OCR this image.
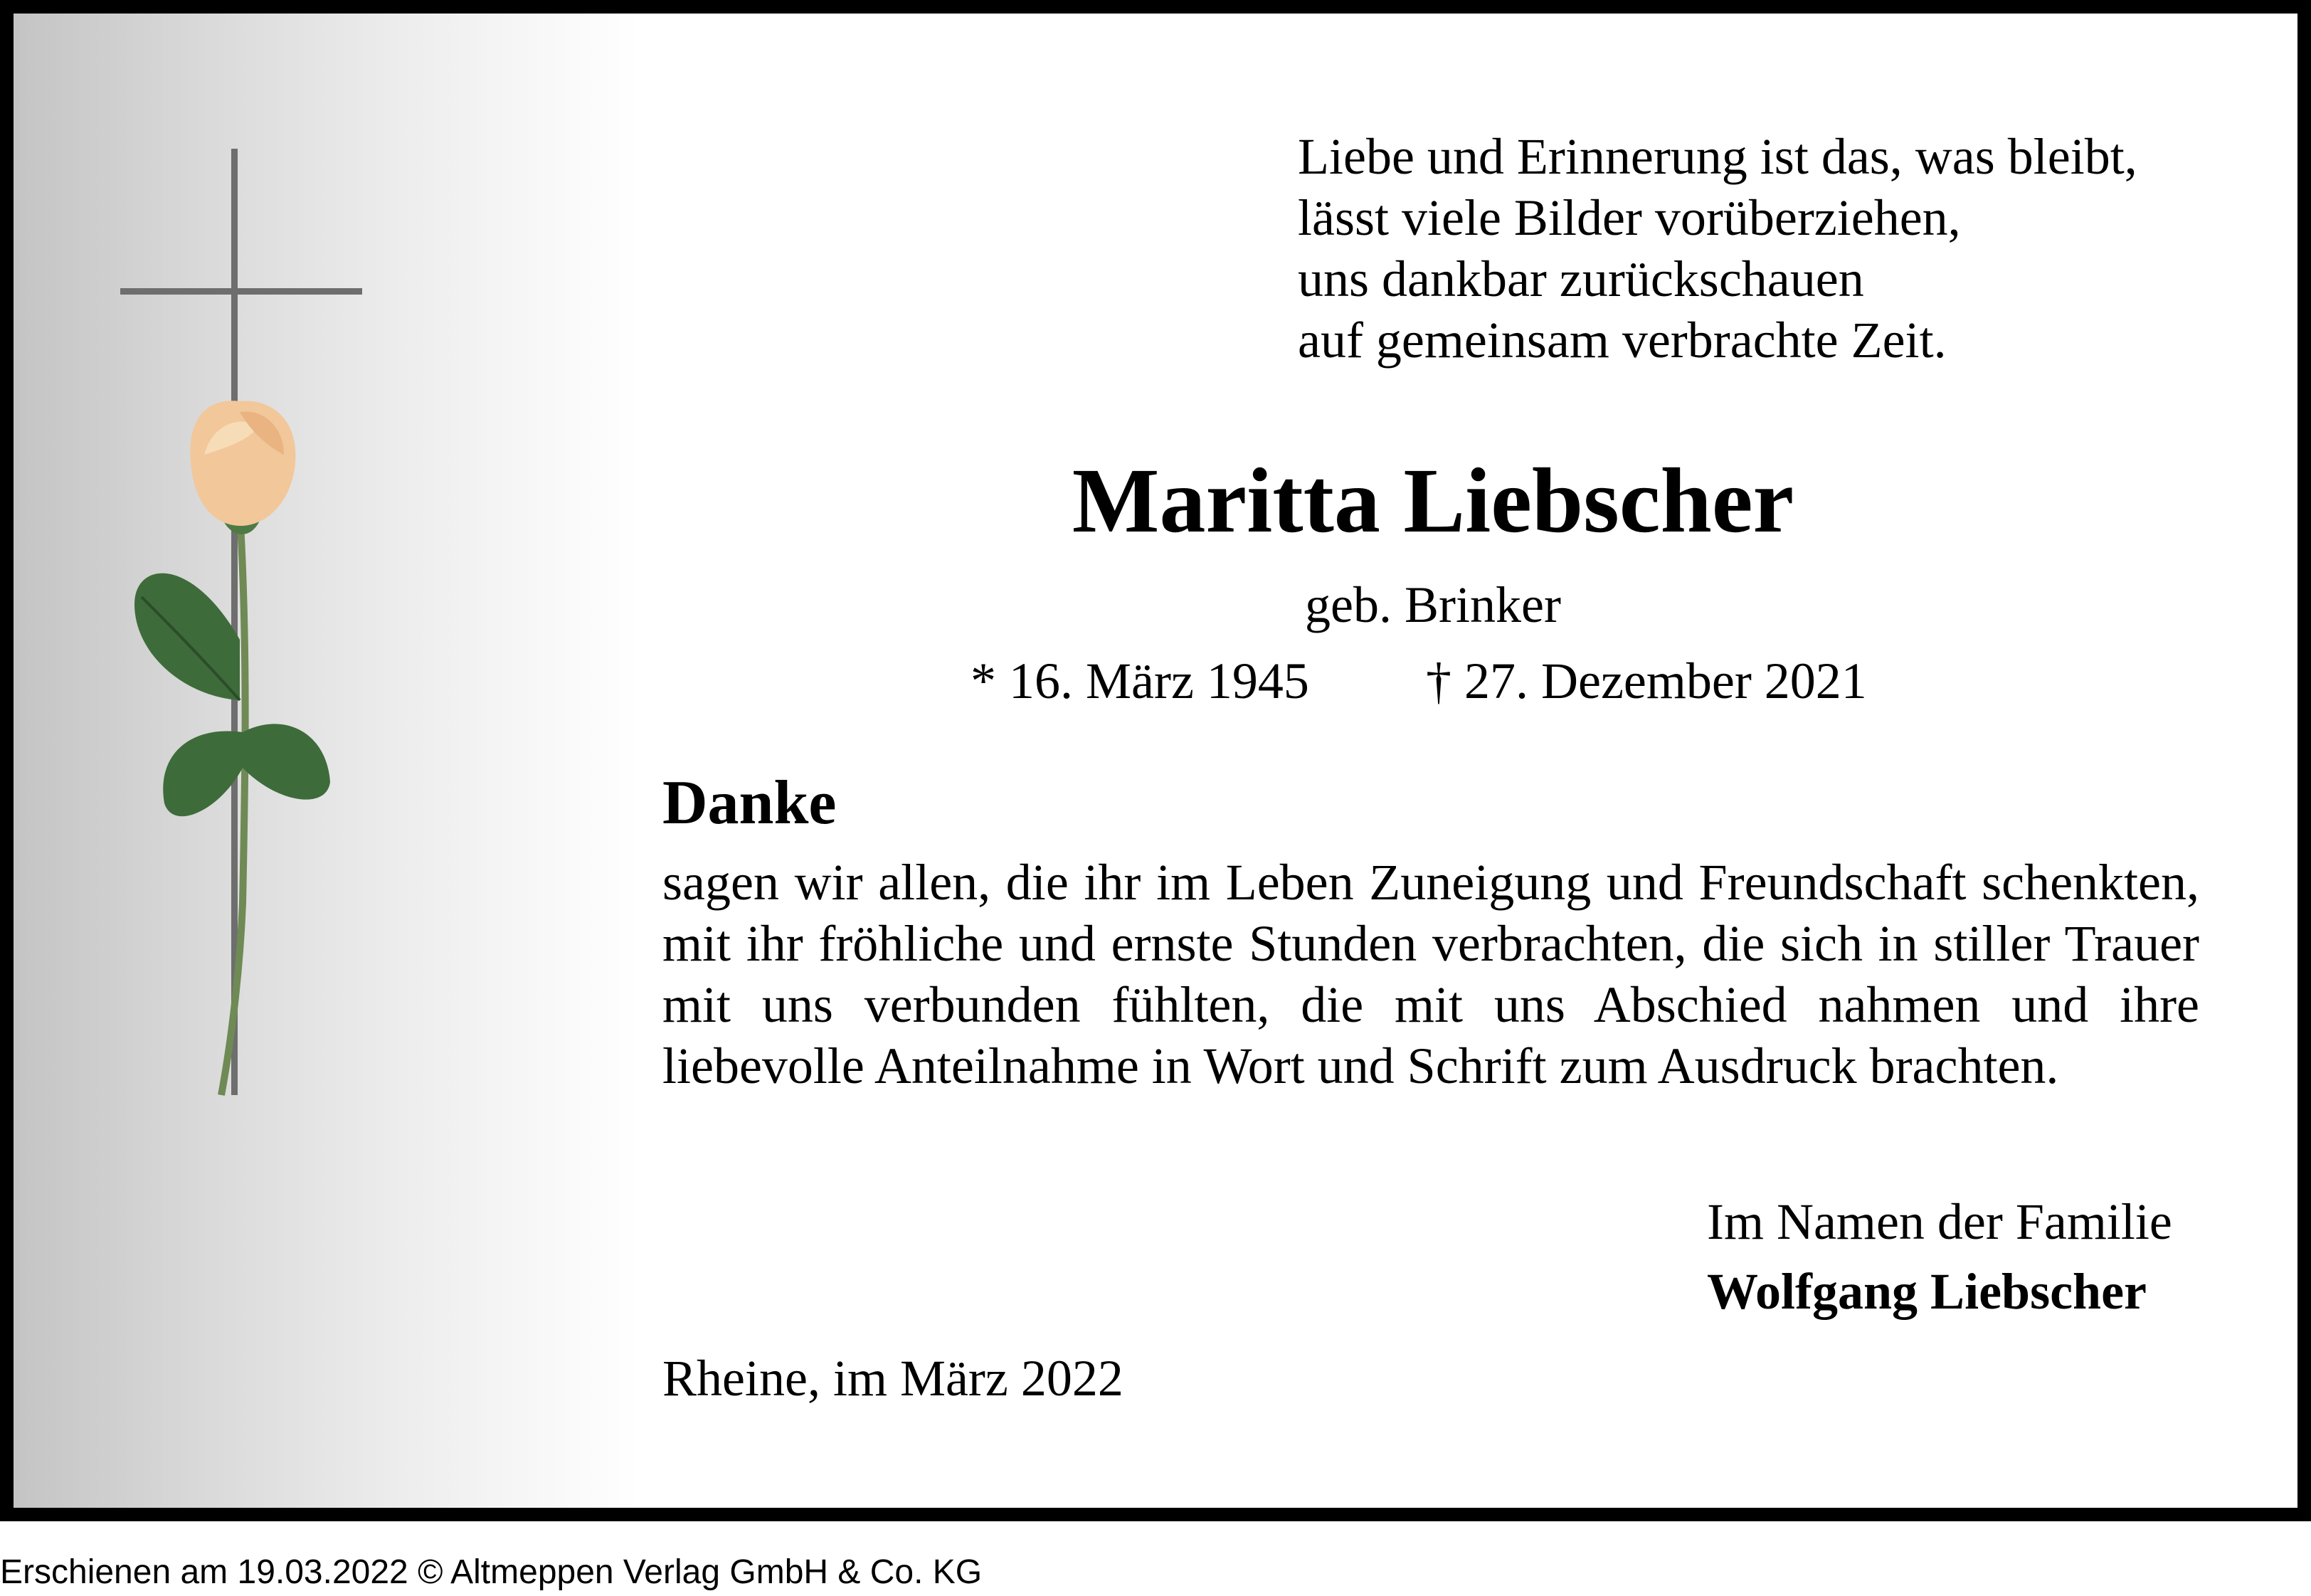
Liebe und Erinnerung ist das, was bleibt,
lässt viele Bilder vorüberziehen,
uns dankbar zurückschauen
auf gemeinsam verbrachte Zeit.
Maritta Liebscher
geb. Brinker
* 16. März 1945 † 27. Dezember 2021
Danke
sagen wir allen, die ihr im Leben Zuneigung und Freundschaft schenkten, mit ihr fröhliche und ernste Stunden verbrachten, die sich in stiller Trauer mit uns verbunden fühlten, die mit uns Abschied nahmen und ihre liebevolle Anteilnahme in Wort und Schrift zum Ausdruck brachten.
Im Namen der Familie
Wolfgang Liebscher
Rheine, im März 2022
Erschienen am 19.03.2022 © Altmeppen Verlag GmbH & Co. KG
